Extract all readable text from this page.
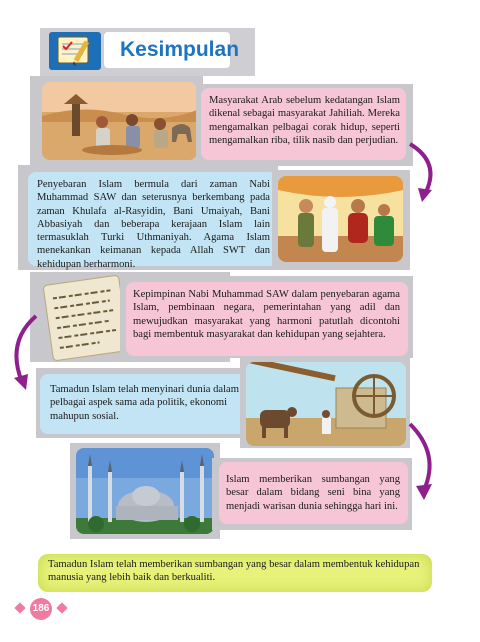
Kesimpulan
Masyarakat Arab sebelum kedatangan Islam dikenal sebagai masyarakat Jahiliah. Mereka mengamalkan pelbagai corak hidup, seperti mengamalkan riba, tilik nasib dan perjudian.
Penyebaran Islam bermula dari zaman Nabi Muhammad SAW dan seterusnya berkembang pada zaman Khulafa al-Rasyidin, Bani Umaiyah, Bani Abbasiyah dan beberapa kerajaan Islam lain termasuklah Turki Uthmaniyah. Agama Islam menekankan keimanan kepada Allah SWT dan kehidupan berharmoni.
Kepimpinan Nabi Muhammad SAW dalam penyebaran agama Islam, pembinaan negara, pemerintahan yang adil dan mewujudkan masyarakat yang harmoni patutlah dicontohi bagi membentuk masyarakat dan kehidupan yang sejahtera.
Tamadun Islam telah menyinari dunia dalam pelbagai aspek sama ada politik, ekonomi mahupun sosial.
Islam memberikan sumbangan yang besar dalam bidang seni bina yang menjadi warisan dunia sehingga hari ini.
Tamadun Islam telah memberikan sumbangan yang besar dalam membentuk kehidupan manusia yang lebih baik dan berkualiti.
186
